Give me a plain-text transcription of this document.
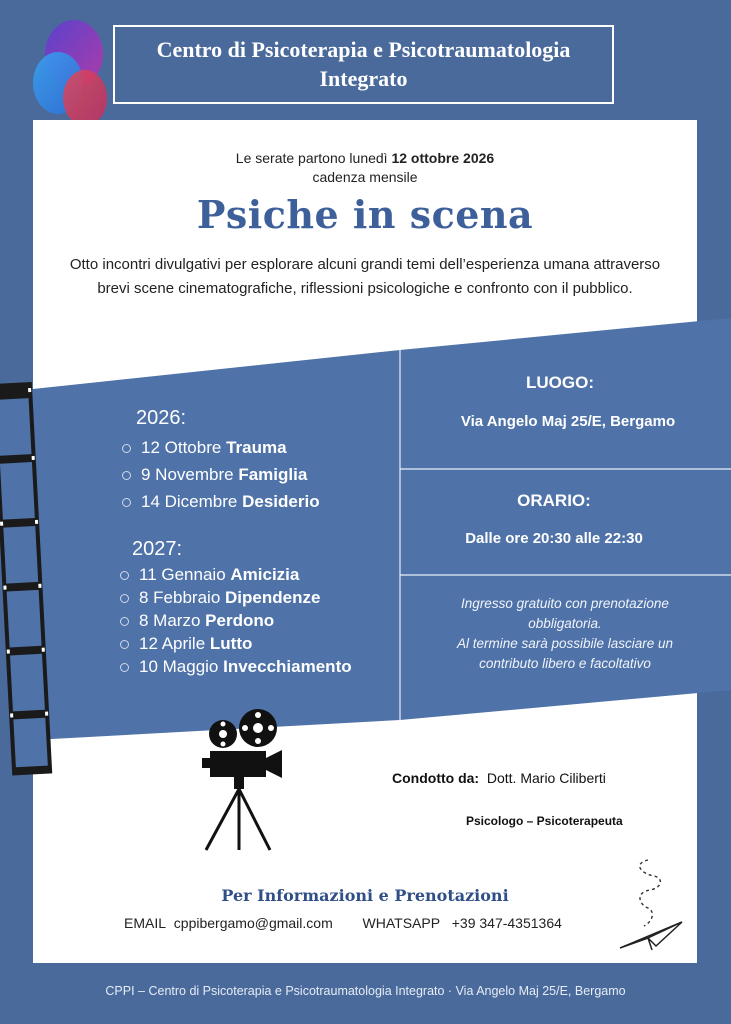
Centro di Psicoterapia e Psicotraumatologia
Integrato
Le serate partono lunedì 12 ottobre 2026
cadenza mensile
Psiche in scena
Otto incontri divulgativi per esplorare alcuni grandi temi dell’esperienza umana attraverso brevi scene cinematografiche, riflessioni psicologiche e confronto con il pubblico.
2026:
12 Ottobre Trauma
9 Novembre Famiglia
14 Dicembre Desiderio
2027:
11 Gennaio Amicizia
8 Febbraio Dipendenze
8 Marzo Perdono
12 Aprile Lutto
10 Maggio Invecchiamento
LUOGO:
Via Angelo Maj 25/E, Bergamo
ORARIO:
Dalle ore 20:30 alle 22:30
Ingresso gratuito con prenotazione
obbligatoria.
Al termine sarà possibile lasciare un
contributo libero e facoltativo
Condotto da: Dott. Mario Ciliberti
Psicologo – Psicoterapeuta
Per Informazioni e Prenotazioni
EMAIL cppibergamo@gmail.com WHATSAPP +39 347-4351364
CPPI – Centro di Psicoterapia e Psicotraumatologia Integrato · Via Angelo Maj 25/E, Bergamo
